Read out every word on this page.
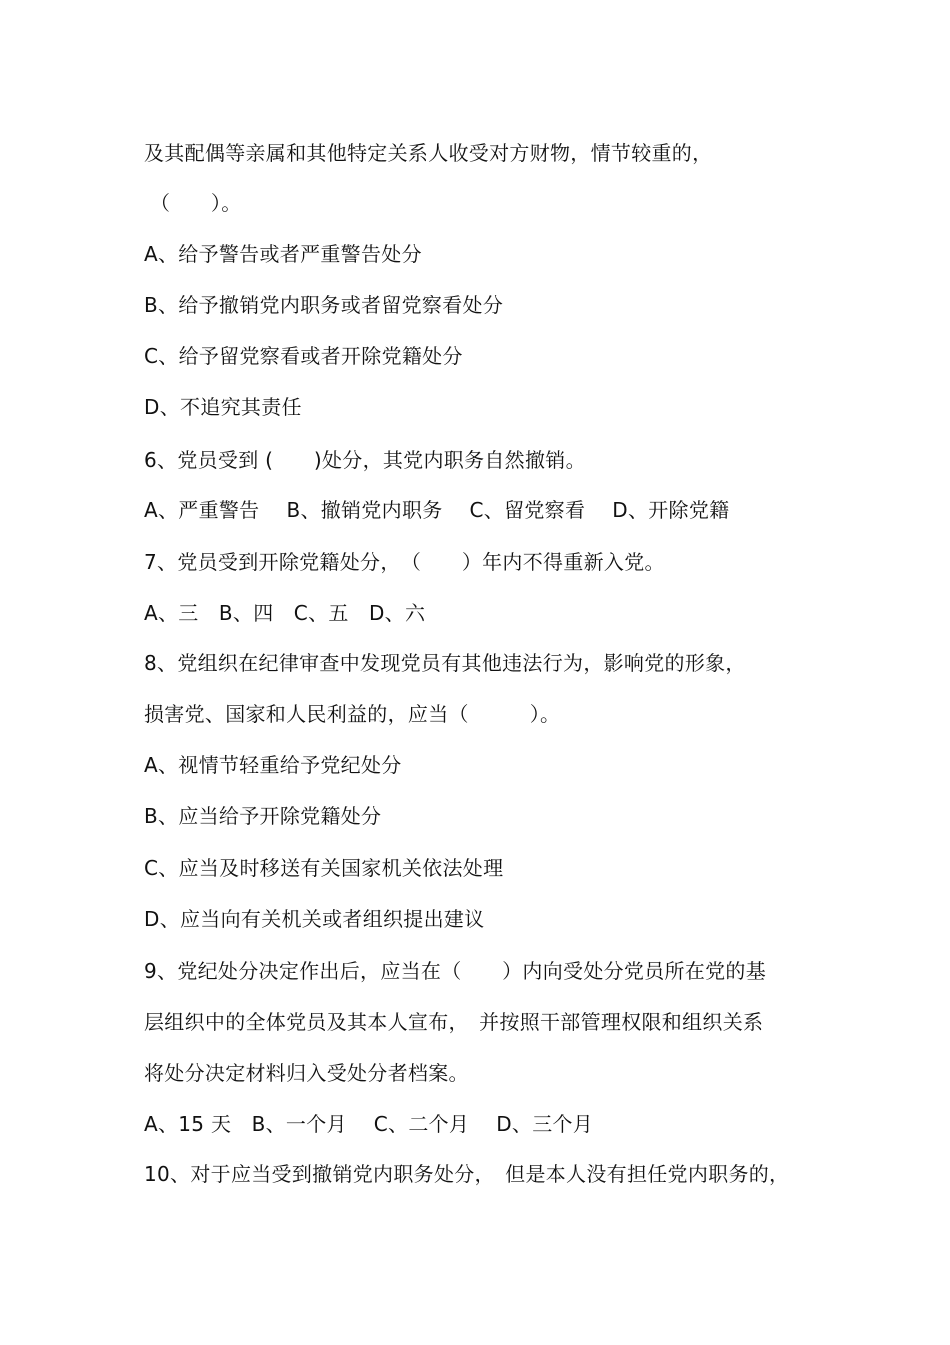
及其配偶等亲属和其他特定关系人收受对方财物，情节较重的，
（　　）。
A、给予警告或者严重警告处分
B、给予撤销党内职务或者留党察看处分
C、给予留党察看或者开除党籍处分
D、不追究其责任
6、党员受到 (　　)处分，其党内职务自然撤销。
A、严重警告　 B、撤销党内职务　 C、留党察看　 D、开除党籍
7、党员受到开除党籍处分，　（　　）年内不得重新入党。
A、三　B、四　C、五　D、六
8、党组织在纪律审查中发现党员有其他违法行为，影响党的形象，
损害党、国家和人民利益的，应当（　　　）。
A、视情节轻重给予党纪处分
B、应当给予开除党籍处分
C、应当及时移送有关国家机关依法处理
D、应当向有关机关或者组织提出建议
9、党纪处分决定作出后，应当在（　　）内向受处分党员所在党的基
层组织中的全体党员及其本人宣布，　并按照干部管理权限和组织关系
将处分决定材料归入受处分者档案。
A、15 天　B、一个月　 C、二个月　 D、三个月
10、对于应当受到撤销党内职务处分，　但是本人没有担任党内职务的，
